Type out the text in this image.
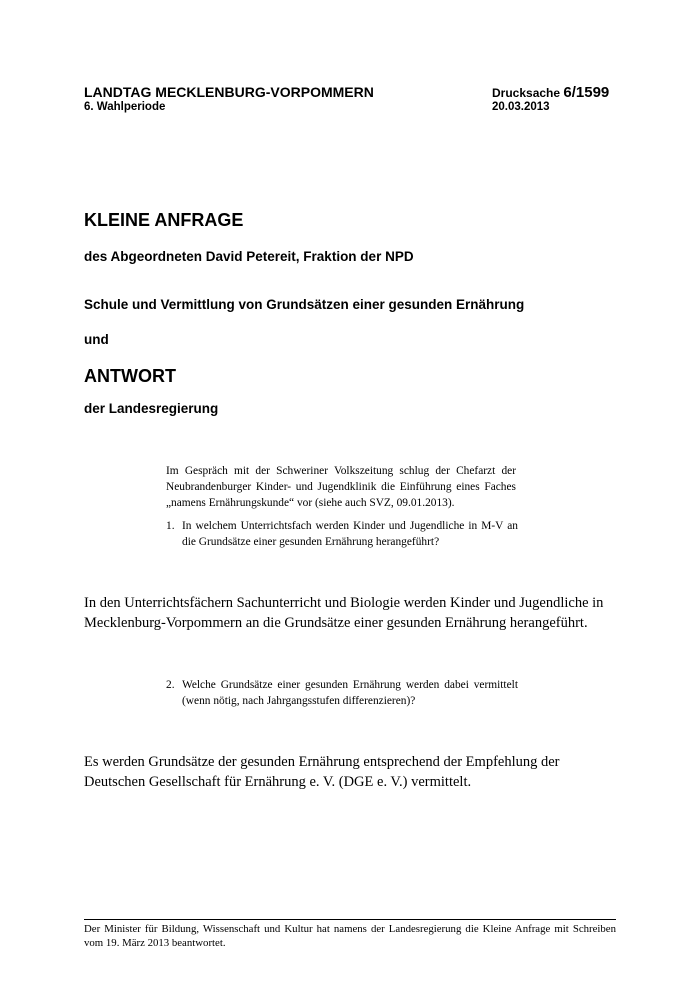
LANDTAG MECKLENBURG-VORPOMMERN
6. Wahlperiode
Drucksache 6/1599
20.03.2013
KLEINE ANFRAGE
des Abgeordneten David Petereit, Fraktion der NPD
Schule und Vermittlung von Grundsätzen einer gesunden Ernährung
und
ANTWORT
der Landesregierung
Im Gespräch mit der Schweriner Volkszeitung schlug der Chefarzt der Neubrandenburger Kinder- und Jugendklinik die Einführung eines Faches „namens Ernährungskunde“ vor (siehe auch SVZ, 09.01.2013).
1. In welchem Unterrichtsfach werden Kinder und Jugendliche in M-V an die Grundsätze einer gesunden Ernährung herangeführt?
In den Unterrichtsfächern Sachunterricht und Biologie werden Kinder und Jugendliche in Mecklenburg-Vorpommern an die Grundsätze einer gesunden Ernährung herangeführt.
2. Welche Grundsätze einer gesunden Ernährung werden dabei vermittelt (wenn nötig, nach Jahrgangsstufen differenzieren)?
Es werden Grundsätze der gesunden Ernährung entsprechend der Empfehlung der Deutschen Gesellschaft für Ernährung e. V. (DGE e. V.) vermittelt.
Der Minister für Bildung, Wissenschaft und Kultur hat namens der Landesregierung die Kleine Anfrage mit Schreiben vom 19. März 2013 beantwortet.
